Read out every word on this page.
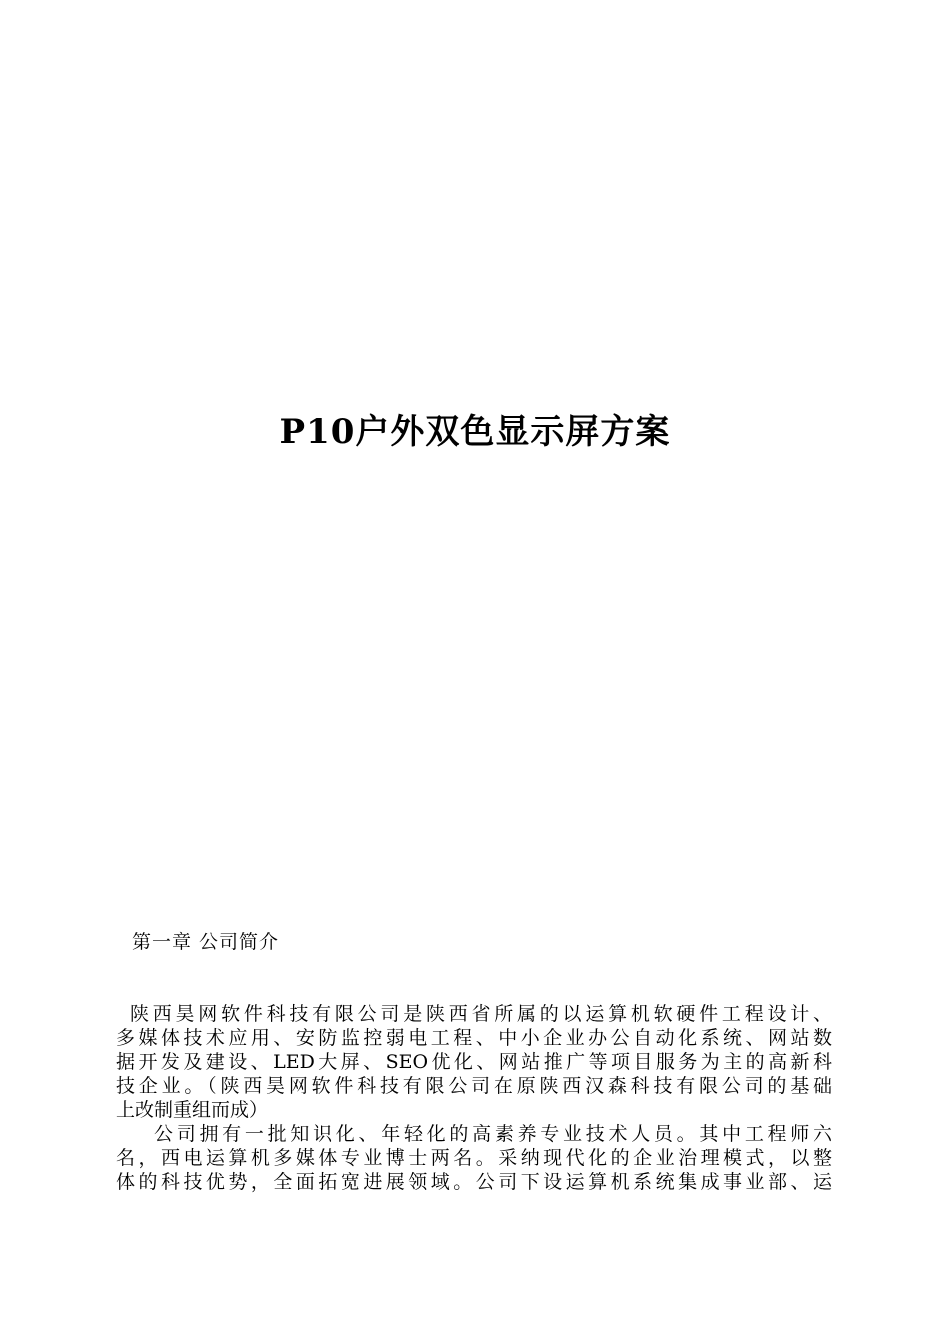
P10户外双色显示屏方案
第一章 公司简介
陕西昊网软件科技有限公司是陕西省所属的以运算机软硬件工程设计、
多媒体技术应用、安防监控弱电工程、中小企业办公自动化系统、网站数
据开发及建设、LED大屏、SEO优化、网站推广等项目服务为主的高新科
技企业。（陕西昊网软件科技有限公司在原陕西汉森科技有限公司的基础
上改制重组而成）
公司拥有一批知识化、年轻化的高素养专业技术人员。其中工程师六
名，西电运算机多媒体专业博士两名。采纳现代化的企业治理模式，以整
体的科技优势，全面拓宽进展领域。公司下设运算机系统集成事业部、运
